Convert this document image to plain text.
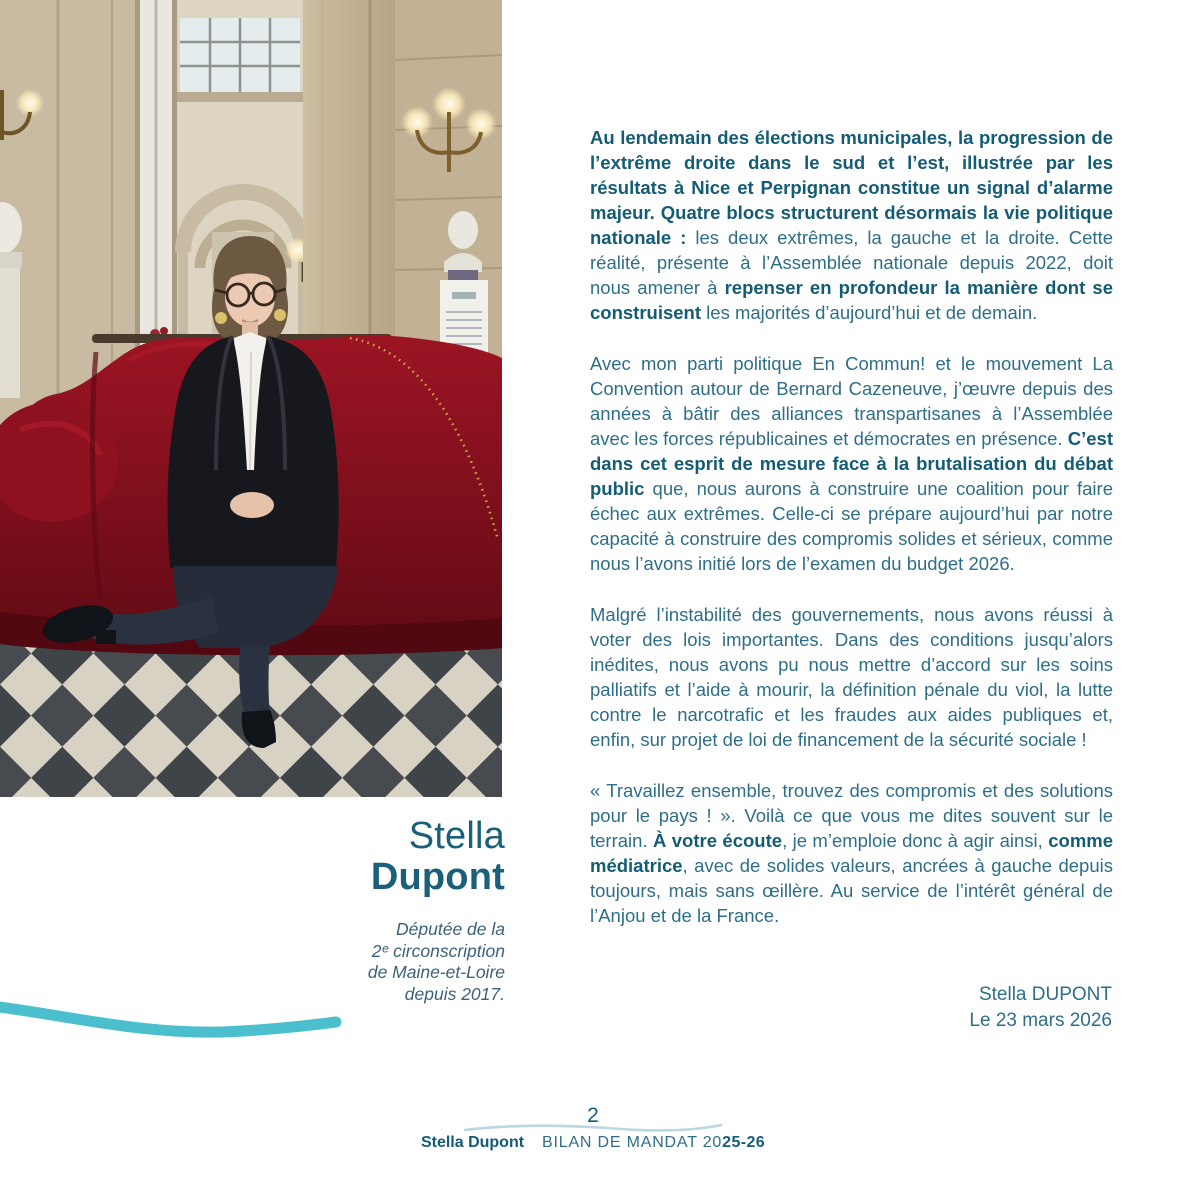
Stella
Dupont
Députée de la
2ᵉ circonscription
de Maine-et-Loire
depuis 2017.

Au lendemain des élections municipales, la progression de l’extrême droite dans le sud et l’est, illustrée par les résultats à Nice et Perpignan constitue un signal d’alarme majeur. Quatre blocs structurent désormais la vie politique nationale : les deux extrêmes, la gauche et la droite. Cette réalité, présente à l’Assemblée nationale depuis 2022, doit nous amener à repenser en profondeur la manière dont se construisent les majorités d’aujourd’hui et de demain.

Avec mon parti politique En Commun! et le mouvement La Convention autour de Bernard Cazeneuve, j’œuvre depuis des années à bâtir des alliances transpartisanes à l’Assemblée avec les forces républicaines et démocrates en présence. C’est dans cet esprit de mesure face à la brutalisation du débat public que, nous aurons à construire une coalition pour faire échec aux extrêmes. Celle-ci se prépare aujourd’hui par notre capacité à construire des compromis solides et sérieux, comme nous l’avons initié lors de l’examen du budget 2026.

Malgré l’instabilité des gouvernements, nous avons réussi à voter des lois importantes. Dans des conditions jusqu’alors inédites, nous avons pu nous mettre d’accord sur les soins palliatifs et l’aide à mourir, la définition pénale du viol, la lutte contre le narcotrafic et les fraudes aux aides publiques et, enfin, sur projet de loi de financement de la sécurité sociale !

« Travaillez ensemble, trouvez des compromis et des solutions pour le pays ! ». Voilà ce que vous me dites souvent sur le terrain. À votre écoute, je m’emploie donc à agir ainsi, comme médiatrice, avec de solides valeurs, ancrées à gauche depuis toujours, mais sans œillère. Au service de l’intérêt général de l’Anjou et de la France.

Stella DUPONT
Le 23 mars 2026
2
Stella Dupont BILAN DE MANDAT 2025-26
